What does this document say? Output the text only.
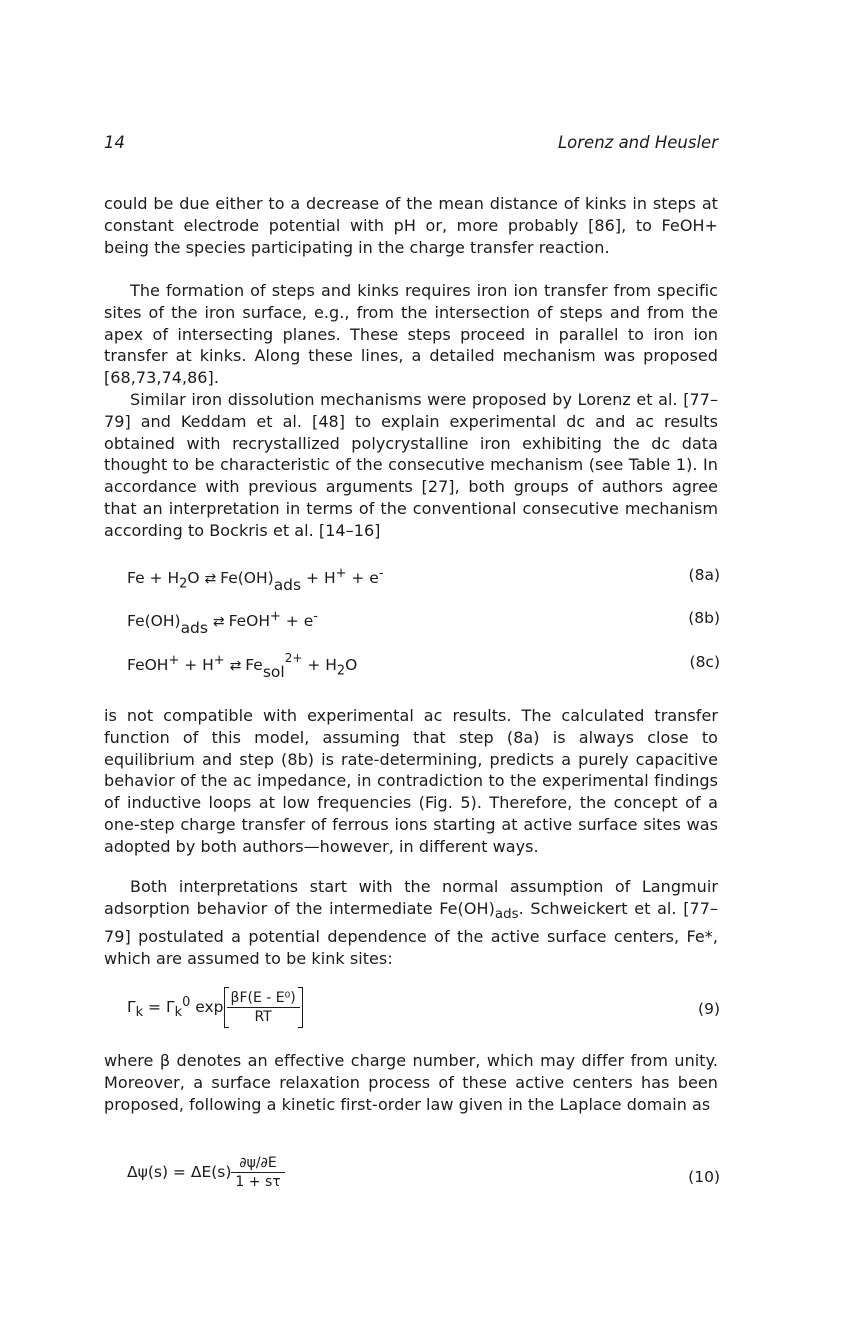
14	Lorenz and Heusler

could be due either to a decrease of the mean distance of kinks in steps at constant electrode potential with pH or, more probably [86], to FeOH+ being the species participating in the charge transfer reaction.

The formation of steps and kinks requires iron ion transfer from specific sites of the iron surface, e.g., from the intersection of steps and from the apex of intersecting planes. These steps proceed in parallel to iron ion transfer at kinks. Along these lines, a detailed mechanism was proposed [68,73,74,86].

Similar iron dissolution mechanisms were proposed by Lorenz et al. [77–79] and Keddam et al. [48] to explain experimental dc and ac results obtained with recrystallized polycrystalline iron exhibiting the dc data thought to be characteristic of the consecutive mechanism (see Table 1). In accordance with previous arguments [27], both groups of authors agree that an interpretation in terms of the conventional consecutive mechanism according to Bockris et al. [14–16]

$Fe + H_2O$ ⇄ Fe(OH)ads + H+ + e-	(8a)
Fe(OH)ads ⇄ FeOH+ + e-	(8b)
FeOH+ + H+ ⇄ Fesol$^{2+}$ + $H_2O$	(8c)

is not compatible with experimental ac results. The calculated transfer function of this model, assuming that step (8a) is always close to equilibrium and step (8b) is rate-determining, predicts a purely capacitive behavior of the ac impedance, in contradiction to the experimental findings of inductive loops at low frequencies (Fig. 5). Therefore, the concept of a one-step charge transfer of ferrous ions starting at active surface sites was adopted by both authors—however, in different ways.

Both interpretations start with the normal assumption of Langmuir adsorption behavior of the intermediate $Fe(OH)_{ads}$. Schweickert et al. [77–79] postulated a potential dependence of the active surface centers, Fe*, which are assumed to be kink sites:

$\Gamma_k = \Gamma_k^0$ $\exp \frac{\text{βF(E - E⁰)}}{RT}$	(9)

where β denotes an effective charge number, which may differ from unity. Moreover, a surface relaxation process of these active centers has been proposed, following a kinetic first-order law given in the Laplace domain as

$\Delta\psi(s) = \Delta E(s) \frac{\partial\psi/\partial E}{1 + s\tau}$	(10)
